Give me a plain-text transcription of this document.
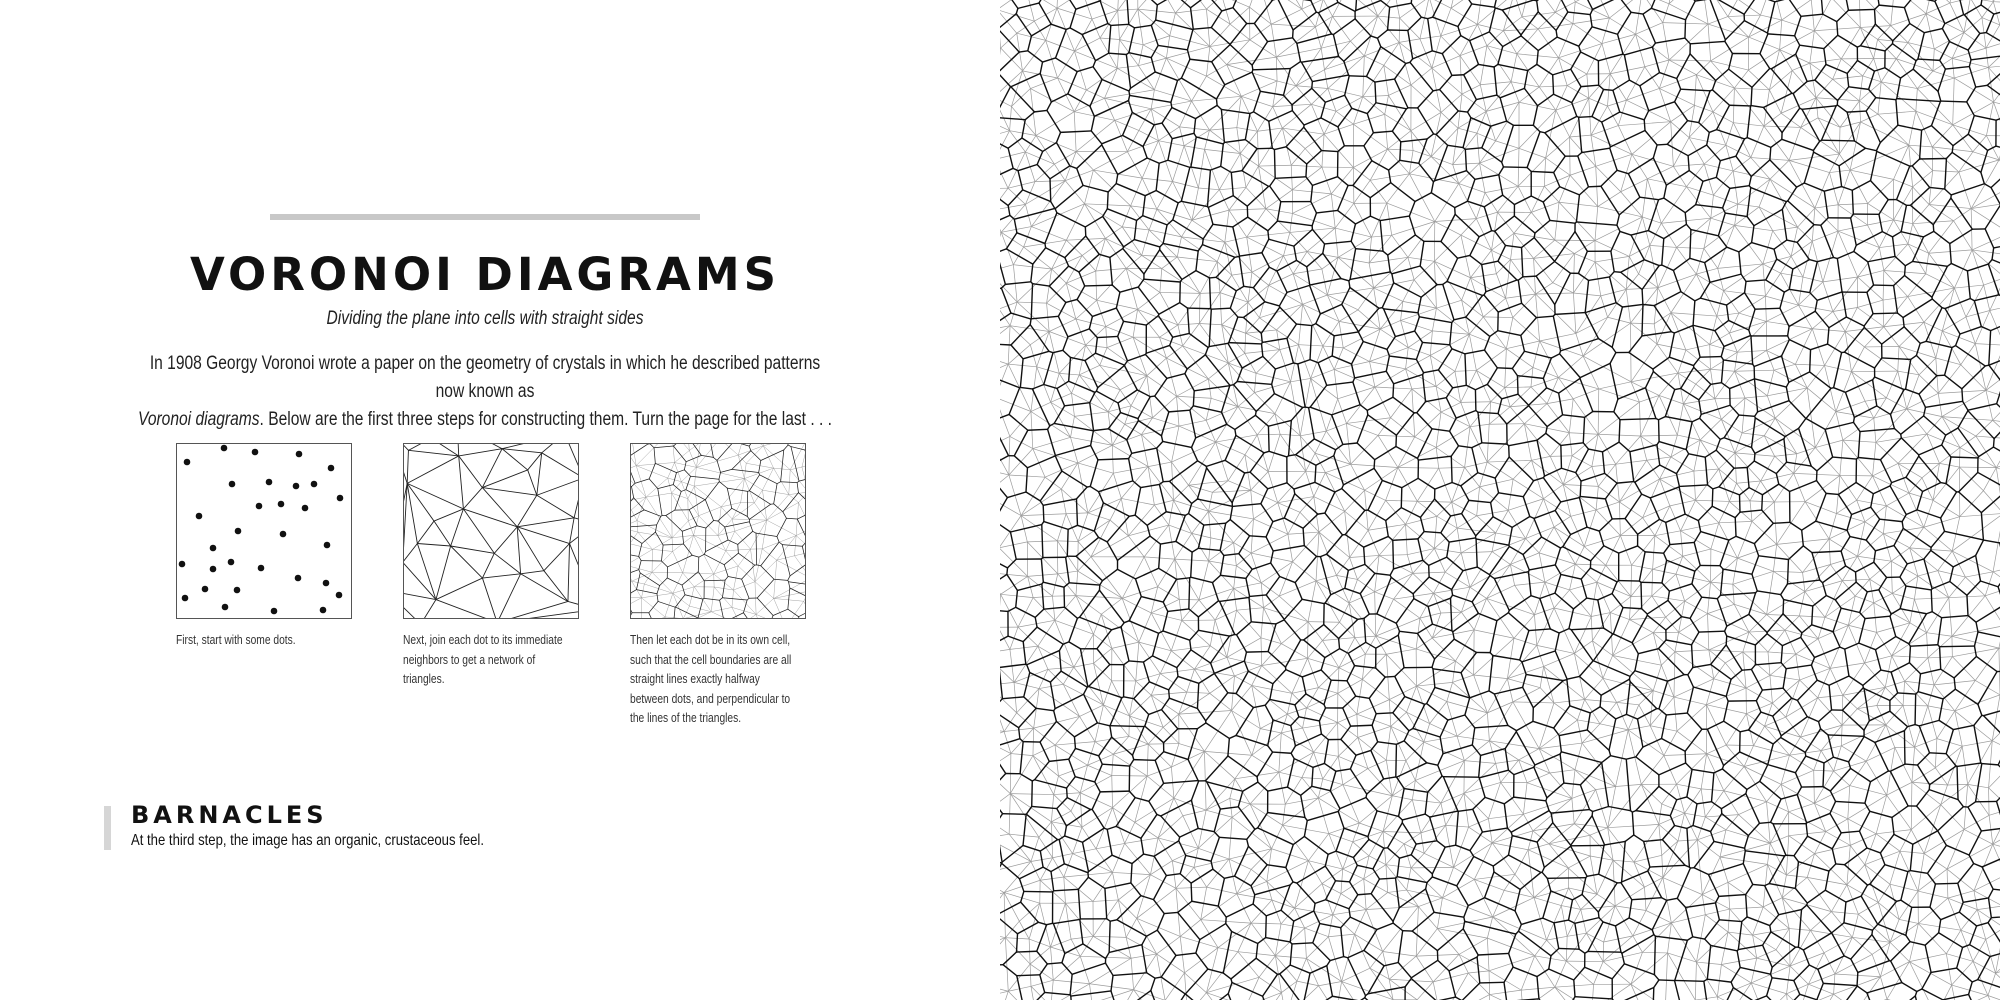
VORONOI DIAGRAMS
Dividing the plane into cells with straight sides
In 1908 Georgy Voronoi wrote a paper on the geometry of crystals in which he described patterns now known as
Voronoi diagrams. Below are the first three steps for constructing them. Turn the page for the last . . .
First, start with some dots.	Next, join each dot to its immediate neighbors to get a network of triangles.
Then let each dot be in its own cell, such that the cell boundaries are all straight lines exactly halfway between dots, and perpendicular to the lines of the triangles.
BARNACLES
At the third step, the image has an organic, crustaceous feel.
